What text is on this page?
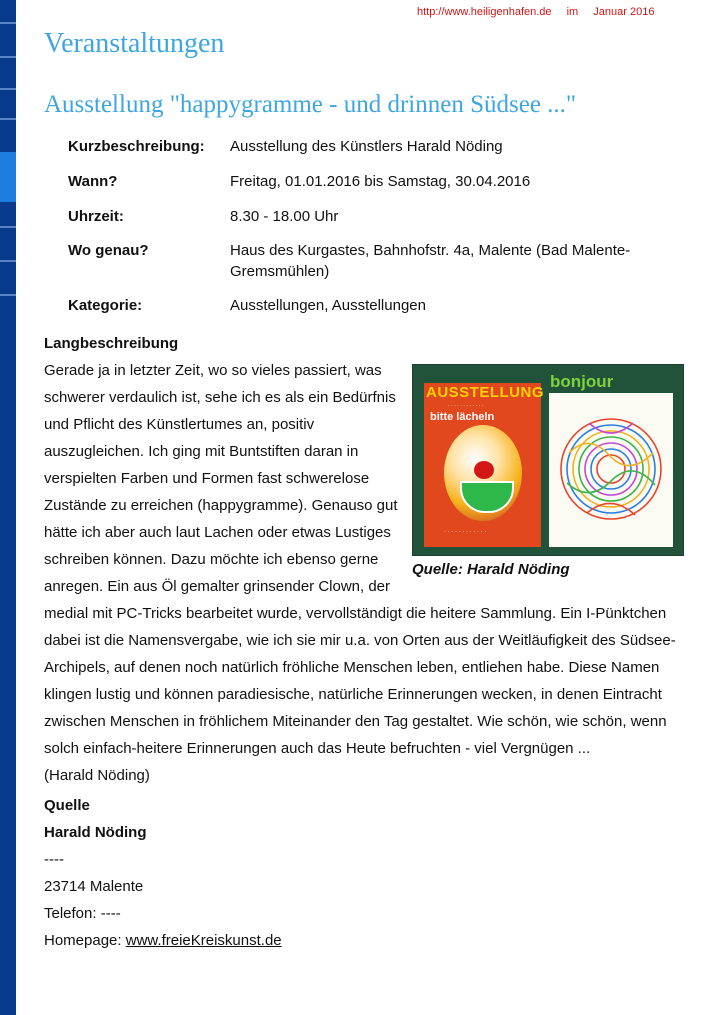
http://www.heiligenhafen.de im Januar 2016
Veranstaltungen
Ausstellung "happygramme - und drinnen Südsee ..."
Kurzbeschreibung: Ausstellung des Künstlers Harald Nöding
Wann?	Freitag, 01.01.2016 bis Samstag, 30.04.2016
Uhrzeit:	8.30 - 18.00 Uhr
Wo genau?	Haus des Kurgastes, Bahnhofstr. 4a, Malente (Bad Malente-Gremsmühlen)
Kategorie:	Ausstellungen, Ausstellungen
Langbeschreibung
AUSSTELLUNG
· · · · · · · · · · · ·
bitte lächeln
· · · · · · · · · · · ·
bonjour
Quelle: Harald Nöding

Gerade ja in letzter Zeit, wo so vieles passiert, was schwerer verdaulich ist, sehe ich es als ein Bedürfnis und Pflicht des Künstlertumes an, positiv auszugleichen. Ich ging mit Buntstiften daran in verspielten Farben und Formen fast schwerelose Zustände zu erreichen (happygramme). Genauso gut hätte ich aber auch laut Lachen oder etwas Lustiges schreiben können. Dazu möchte ich ebenso gerne anregen. Ein aus Öl gemalter grinsender Clown, der medial mit PC-Tricks bearbeitet wurde, vervollständigt die heitere Sammlung. Ein I-Pünktchen dabei ist die Namensvergabe, wie ich sie mir u.a. von Orten aus der Weitläufigkeit des Südsee-Archipels, auf denen noch natürlich fröhliche Menschen leben, entliehen habe. Diese Namen klingen lustig und können paradiesische, natürliche Erinnerungen wecken, in denen Eintracht zwischen Menschen in fröhlichem Miteinander den Tag gestaltet. Wie schön, wie schön, wenn solch einfach-heitere Erinnerungen auch das Heute befruchten - viel Vergnügen ...

(Harald Nöding)
Quelle
Harald Nöding
----
23714 Malente
Telefon: ----
Homepage: www.freieKreiskunst.de
